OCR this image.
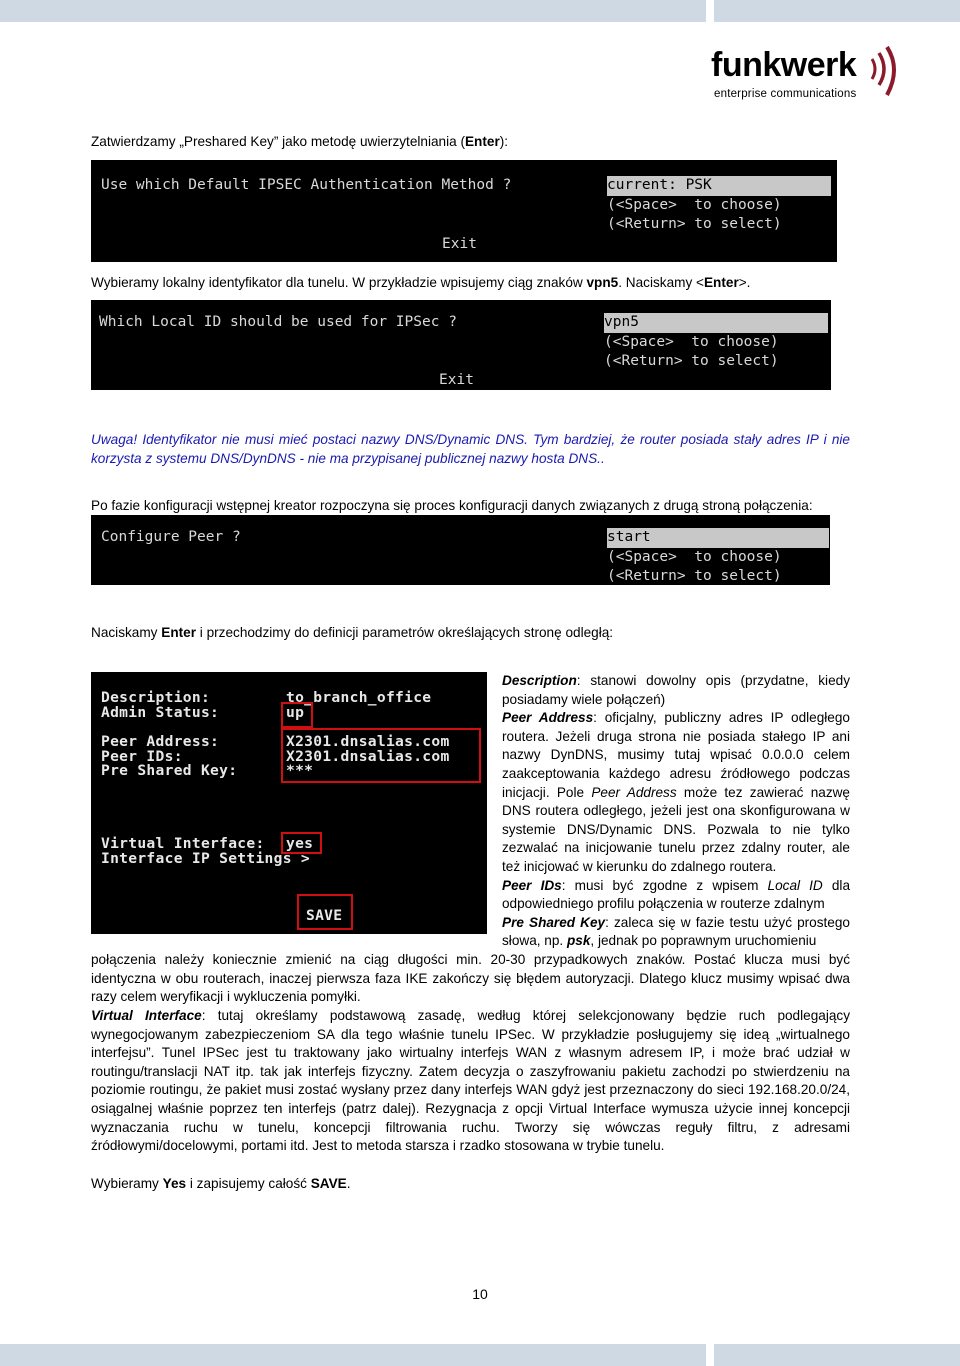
funkwerk
enterprise communications

Zatwierdzamy „Preshared Key” jako metodę uwierzytelniania (Enter):

Use which Default IPSEC Authentication Method ?	current: PSK
(<Space>  to choose)
(<Return> to select)
Exit

Wybieramy lokalny identyfikator dla tunelu. W przykładzie wpisujemy ciąg znaków vpn5. Naciskamy <Enter>.

Which Local ID should be used for IPSec ?	vpn5
(<Space>  to choose)
(<Return> to select)
Exit

Uwaga! Identyfikator nie musi mieć postaci nazwy DNS/Dynamic DNS. Tym bardziej, że router posiada stały adres IP i nie korzysta z systemu DNS/DynDNS - nie ma przypisanej publicznej nazwy hosta DNS..

Po fazie konfiguracji wstępnej kreator rozpoczyna się proces konfiguracji danych związanych z drugą stroną połączenia:

Configure Peer ?	start
(<Space>  to choose)
(<Return> to select)

Naciskamy Enter i przechodzimy do definicji parametrów określających stronę odległą:

Description:	to_branch_office
Admin Status:	up
Peer Address:	X2301.dnsalias.com
Peer IDs:	X2301.dnsalias.com
Pre Shared Key:	***
Virtual Interface: yes
Interface IP Settings >
SAVE

Description: stanowi dowolny opis (przydatne, kiedy posiadamy wiele połączeń)
Peer Address: oficjalny, publiczny adres IP odległego routera. Jeżeli druga strona nie posiada stałego IP ani nazwy DynDNS, musimy tutaj wpisać 0.0.0.0 celem zaakceptowania każdego adresu źródłowego podczas inicjacji. Pole Peer Address może tez zawierać nazwę DNS routera odległego, jeżeli jest ona skonfigurowana w systemie DNS/Dynamic DNS. Pozwala to nie tylko zezwalać na inicjowanie tunelu przez zdalny router, ale też inicjować w kierunku do zdalnego routera.
Peer IDs: musi być zgodne z wpisem Local ID dla odpowiedniego profilu połączenia w routerze zdalnym
Pre Shared Key: zaleca się w fazie testu użyć prostego słowa, np. psk, jednak po poprawnym uruchomieniu

połączenia należy koniecznie zmienić na ciąg długości min. 20-30 przypadkowych znaków. Postać klucza musi być identyczna w obu routerach, inaczej pierwsza faza IKE zakończy się błędem autoryzacji. Dlatego klucz musimy wpisać dwa razy celem weryfikacji i wykluczenia pomyłki.

Virtual Interface: tutaj określamy podstawową zasadę, według której selekcjonowany będzie ruch podlegający wynegocjowanym zabezpieczeniom SA dla tego właśnie tunelu IPSec. W przykładzie posługujemy się ideą „wirtualnego interfejsu”. Tunel IPSec jest tu traktowany jako wirtualny interfejs WAN z własnym adresem IP, i może brać udział w routingu/translacji NAT itp. tak jak interfejs fizyczny. Zatem decyzja o zaszyfrowaniu pakietu zachodzi po stwierdzeniu na poziomie routingu, że pakiet musi zostać wysłany przez dany interfejs WAN gdyż jest przeznaczony do sieci 192.168.20.0/24, osiągalnej właśnie poprzez ten interfejs (patrz dalej). Rezygnacja z opcji Virtual Interface wymusza użycie innej koncepcji wyznaczania ruchu w tunelu, koncepcji filtrowania ruchu. Tworzy się wówczas reguły filtru, z adresami źródłowymi/docelowymi, portami itd. Jest to metoda starsza i rzadko stosowana w trybie tunelu.

Wybieramy Yes i zapisujemy całość SAVE.

10
